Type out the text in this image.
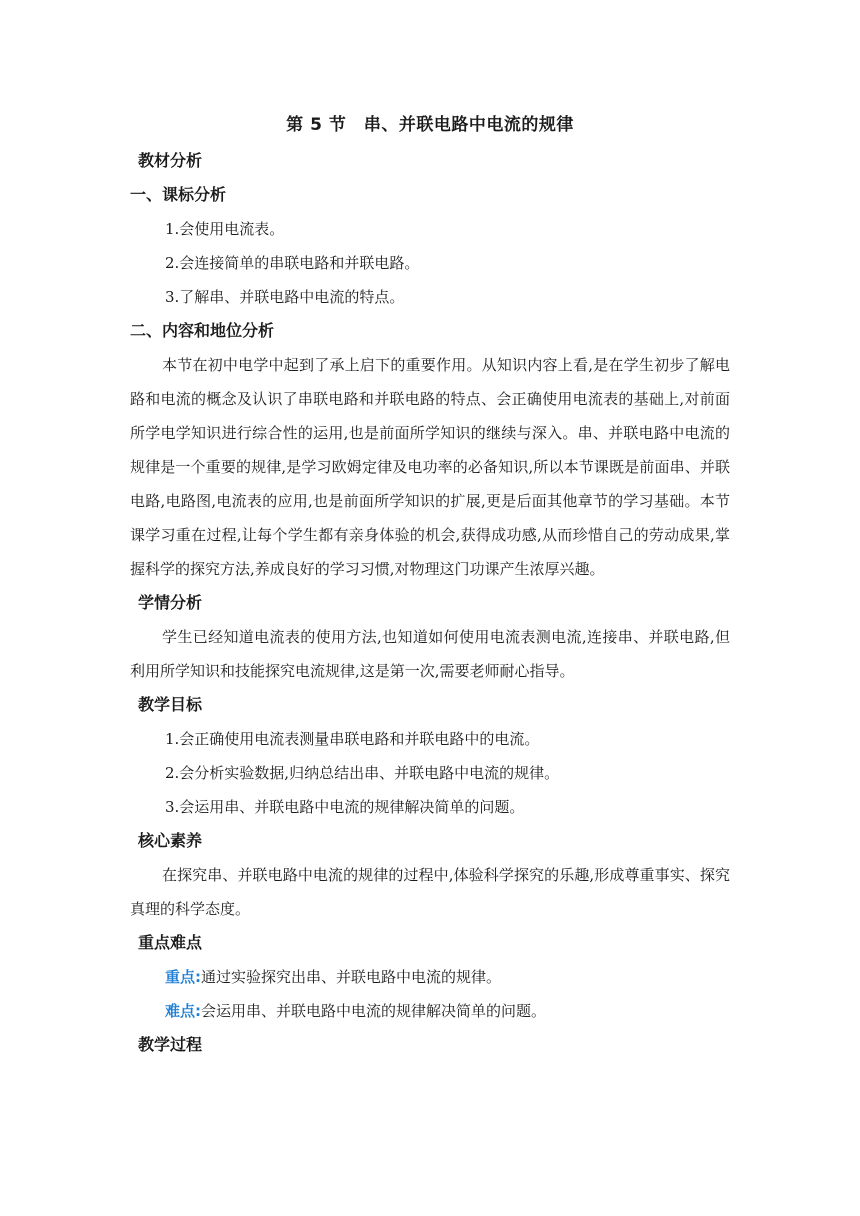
第 5 节　串、并联电路中电流的规律
教材分析
一、课标分析
1.会使用电流表。
2.会连接简单的串联电路和并联电路。
3.了解串、并联电路中电流的特点。
二、内容和地位分析

本节在初中电学中起到了承上启下的重要作用。从知识内容上看,是在学生初步了解电路和电流的概念及认识了串联电路和并联电路的特点、会正确使用电流表的基础上,对前面所学电学知识进行综合性的运用,也是前面所学知识的继续与深入。串、并联电路中电流的规律是一个重要的规律,是学习欧姆定律及电功率的必备知识,所以本节课既是前面串、并联电路,电路图,电流表的应用,也是前面所学知识的扩展,更是后面其他章节的学习基础。本节课学习重在过程,让每个学生都有亲身体验的机会,获得成功感,从而珍惜自己的劳动成果,掌握科学的探究方法,养成良好的学习习惯,对物理这门功课产生浓厚兴趣。

学情分析

学生已经知道电流表的使用方法,也知道如何使用电流表测电流,连接串、并联电路,但利用所学知识和技能探究电流规律,这是第一次,需要老师耐心指导。

教学目标
1.会正确使用电流表测量串联电路和并联电路中的电流。
2.会分析实验数据,归纳总结出串、并联电路中电流的规律。
3.会运用串、并联电路中电流的规律解决简单的问题。
核心素养

在探究串、并联电路中电流的规律的过程中,体验科学探究的乐趣,形成尊重事实、探究真理的科学态度。

重点难点
重点:通过实验探究出串、并联电路中电流的规律。
难点:会运用串、并联电路中电流的规律解决简单的问题。
教学过程
